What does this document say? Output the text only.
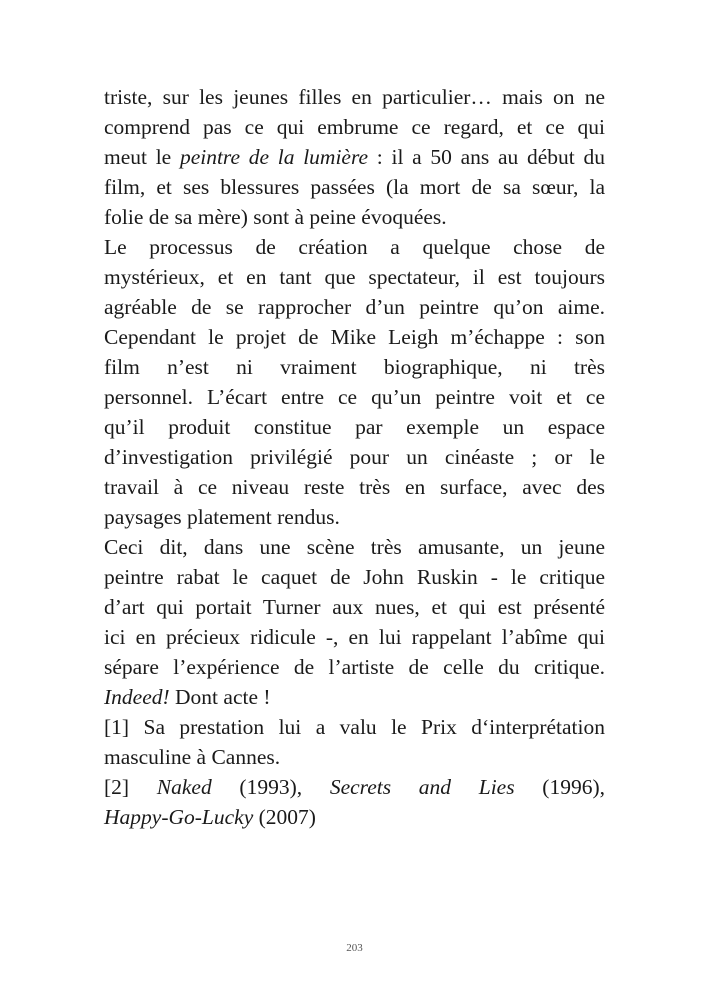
triste, sur les jeunes filles en particulier… mais on ne
comprend pas ce qui embrume ce regard, et ce qui
meut le peintre de la lumière : il a 50 ans au début du
film, et ses blessures passées (la mort de sa sœur, la
folie de sa mère) sont à peine évoquées.
Le processus de création a quelque chose de
mystérieux, et en tant que spectateur, il est toujours
agréable de se rapprocher d’un peintre qu’on aime.
Cependant le projet de Mike Leigh m’échappe : son
film n’est ni vraiment biographique, ni très
personnel. L’écart entre ce qu’un peintre voit et ce
qu’il produit constitue par exemple un espace
d’investigation privilégié pour un cinéaste ; or le
travail à ce niveau reste très en surface, avec des
paysages platement rendus.
Ceci dit, dans une scène très amusante, un jeune
peintre rabat le caquet de John Ruskin - le critique
d’art qui portait Turner aux nues, et qui est présenté
ici en précieux ridicule -, en lui rappelant l’abîme qui
sépare l’expérience de l’artiste de celle du critique.
Indeed! Dont acte !
[1] Sa prestation lui a valu le Prix d‘interprétation
masculine à Cannes.
[2] Naked (1993), Secrets and Lies (1996),
Happy-Go-Lucky (2007)
203
